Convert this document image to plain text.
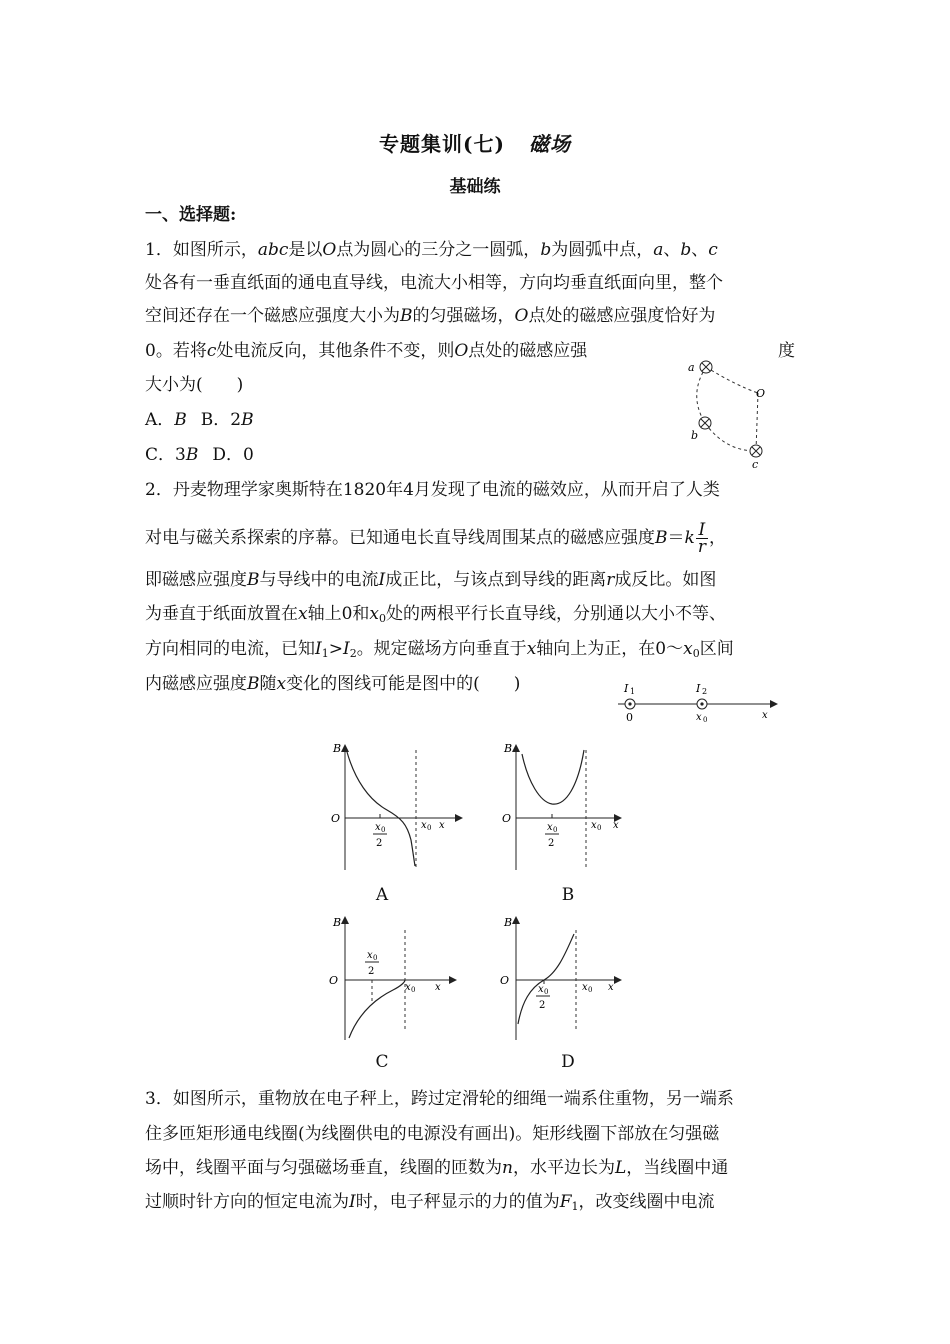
专题集训(七) 磁场
基础练
一、选择题:
1．如图所示，abc是以O点为圆心的三分之一圆弧，b为圆弧中点，a、b、c
处各有一垂直纸面的通电直导线，电流大小相等，方向均垂直纸面向里，整个
空间还存在一个磁感应强度大小为B的匀强磁场，O点处的磁感应强度恰好为
0。若将c处电流反向，其他条件不变，则O点处的磁感应强	度
大小为(　　)
A．B B．2B
C．3B D．0
a
O
b
c
2．丹麦物理学家奥斯特在1820年4月发现了电流的磁效应，从而开启了人类
对电与磁关系探索的序幕。已知通电长直导线周围某点的磁感应强度$B=k \frac{I}{r}$ ，
即磁感应强度B与导线中的电流I成正比，与该点到导线的距离r成反比。如图
为垂直于纸面放置在x轴上0和$x_0$处的两根平行长直导线，分别通以大小不等、
方向相同的电流，已知$I_1>I_2$。规定磁场方向垂直于x轴向上为正，在$0\sim x_0$区间
内磁感应强度B随x变化的图线可能是图中的(　　)	I 1	I 2
0	x 0	x
B
O
x 0
2
x 0 x
A
B
O
x 0
2
x 0 x
B
B
O
x 0
2
x 0 x
C
B
O
x 0
2
x 0 x
D
3．如图所示，重物放在电子秤上，跨过定滑轮的细绳一端系住重物，另一端系
住多匝矩形通电线圈(为线圈供电的电源没有画出)。矩形线圈下部放在匀强磁
场中，线圈平面与匀强磁场垂直，线圈的匝数为n，水平边长为L，当线圈中通
过顺时针方向的恒定电流为I时，电子秤显示的力的值为$F_1$，改变线圈中电流
